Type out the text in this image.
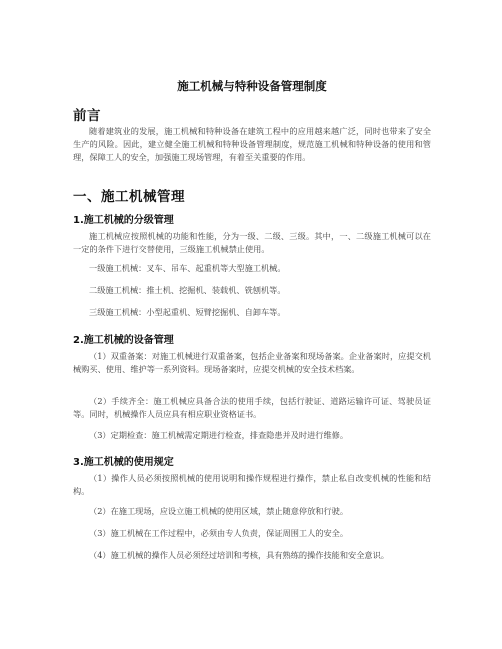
施工机械与特种设备管理制度
前言

随着建筑业的发展，施工机械和特种设备在建筑工程中的应用越来越广泛，同时也带来了安全生产的风险。因此，建立健全施工机械和特种设备管理制度，规范施工机械和特种设备的使用和管理，保障工人的安全，加强施工现场管理，有着至关重要的作用。

一、施工机械管理
1.施工机械的分级管理

施工机械应按照机械的功能和性能，分为一级、二级、三级。其中，一、二级施工机械可以在一定的条件下进行交替使用，三级施工机械禁止使用。

一级施工机械：叉车、吊车、起重机等大型施工机械。

二级施工机械：推土机、挖掘机、装载机、铣刨机等。

三级施工机械：小型起重机、短臂挖掘机、自卸车等。

2.施工机械的设备管理

（1）双重备案：对施工机械进行双重备案，包括企业备案和现场备案。企业备案时，应提交机械购买、使用、维护等一系列资料。现场备案时，应提交机械的安全技术档案。

（2）手续齐全：施工机械应具备合法的使用手续，包括行驶证、道路运输许可证、驾驶员证等。同时，机械操作人员应具有相应职业资格证书。

（3）定期检查：施工机械需定期进行检查，排查隐患并及时进行维修。

3.施工机械的使用规定

（1）操作人员必须按照机械的使用说明和操作规程进行操作，禁止私自改变机械的性能和结构。

（2）在施工现场，应设立施工机械的使用区域，禁止随意停放和行驶。

（3）施工机械在工作过程中，必须由专人负责，保证周围工人的安全。

（4）施工机械的操作人员必须经过培训和考核，具有熟练的操作技能和安全意识。
